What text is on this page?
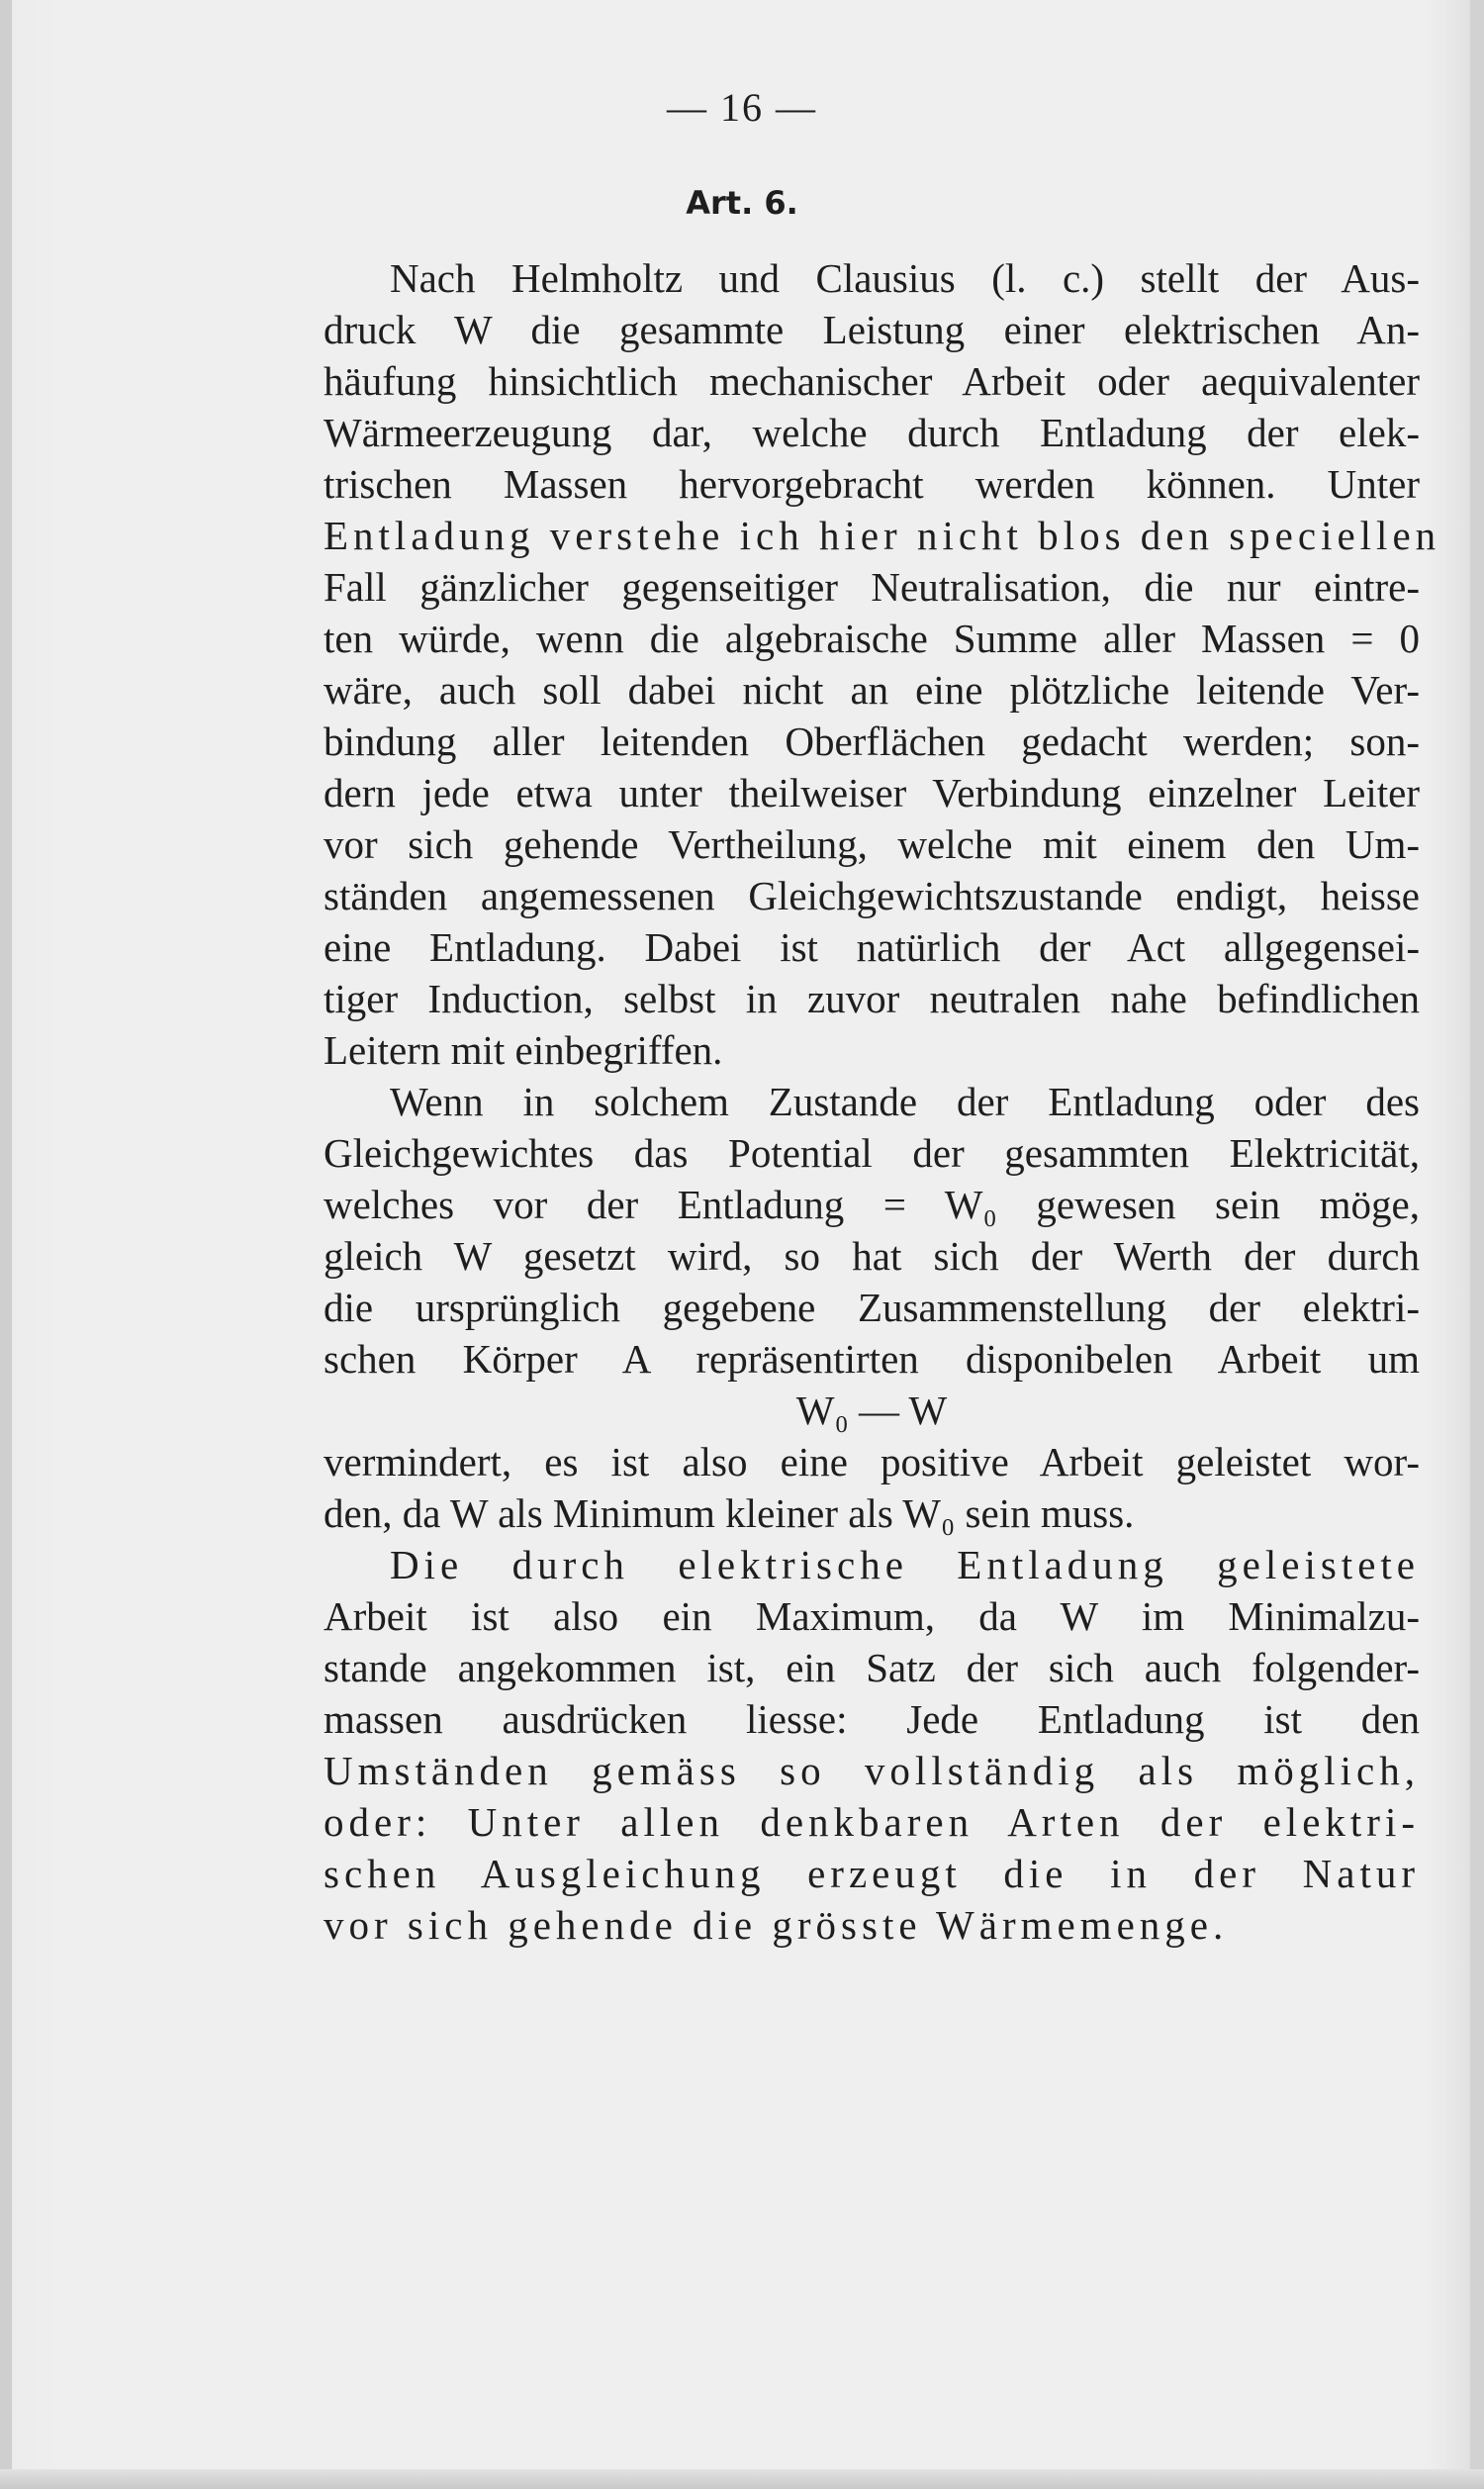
— 16 —
Art. 6.
Nach Helmholtz und Clausius (l. c.) stellt der Aus-
druck W die gesammte Leistung einer elektrischen An-
häufung hinsichtlich mechanischer Arbeit oder aequivalenter
Wärmeerzeugung dar, welche durch Entladung der elek-
trischen Massen hervorgebracht werden können. Unter
Entladung verstehe ich hier nicht blos den speciellen
Fall gänzlicher gegenseitiger Neutralisation, die nur eintre-
ten würde, wenn die algebraische Summe aller Massen = 0
wäre, auch soll dabei nicht an eine plötzliche leitende Ver-
bindung aller leitenden Oberflächen gedacht werden; son-
dern jede etwa unter theilweiser Verbindung einzelner Leiter
vor sich gehende Vertheilung, welche mit einem den Um-
ständen angemessenen Gleichgewichtszustande endigt, heisse
eine Entladung. Dabei ist natürlich der Act allgegensei-
tiger Induction, selbst in zuvor neutralen nahe befindlichen
Leitern mit einbegriffen.
Wenn in solchem Zustande der Entladung oder des
Gleichgewichtes das Potential der gesammten Elektricität,
welches vor der Entladung = W₀ gewesen sein möge,
gleich W gesetzt wird, so hat sich der Werth der durch
die ursprünglich gegebene Zusammenstellung der elektri-
schen Körper A repräsentirten disponibelen Arbeit um
W₀ — W
vermindert, es ist also eine positive Arbeit geleistet wor-
den, da W als Minimum kleiner als W₀ sein muss.
Die durch elektrische Entladung geleistete
Arbeit ist also ein Maximum, da W im Minimalzu-
stande angekommen ist, ein Satz der sich auch folgender-
massen ausdrücken liesse: Jede Entladung ist den
Umständen gemäss so vollständig als möglich,
oder: Unter allen denkbaren Arten der elektri-
schen Ausgleichung erzeugt die in der Natur
vor sich gehende die grösste Wärmemenge.
